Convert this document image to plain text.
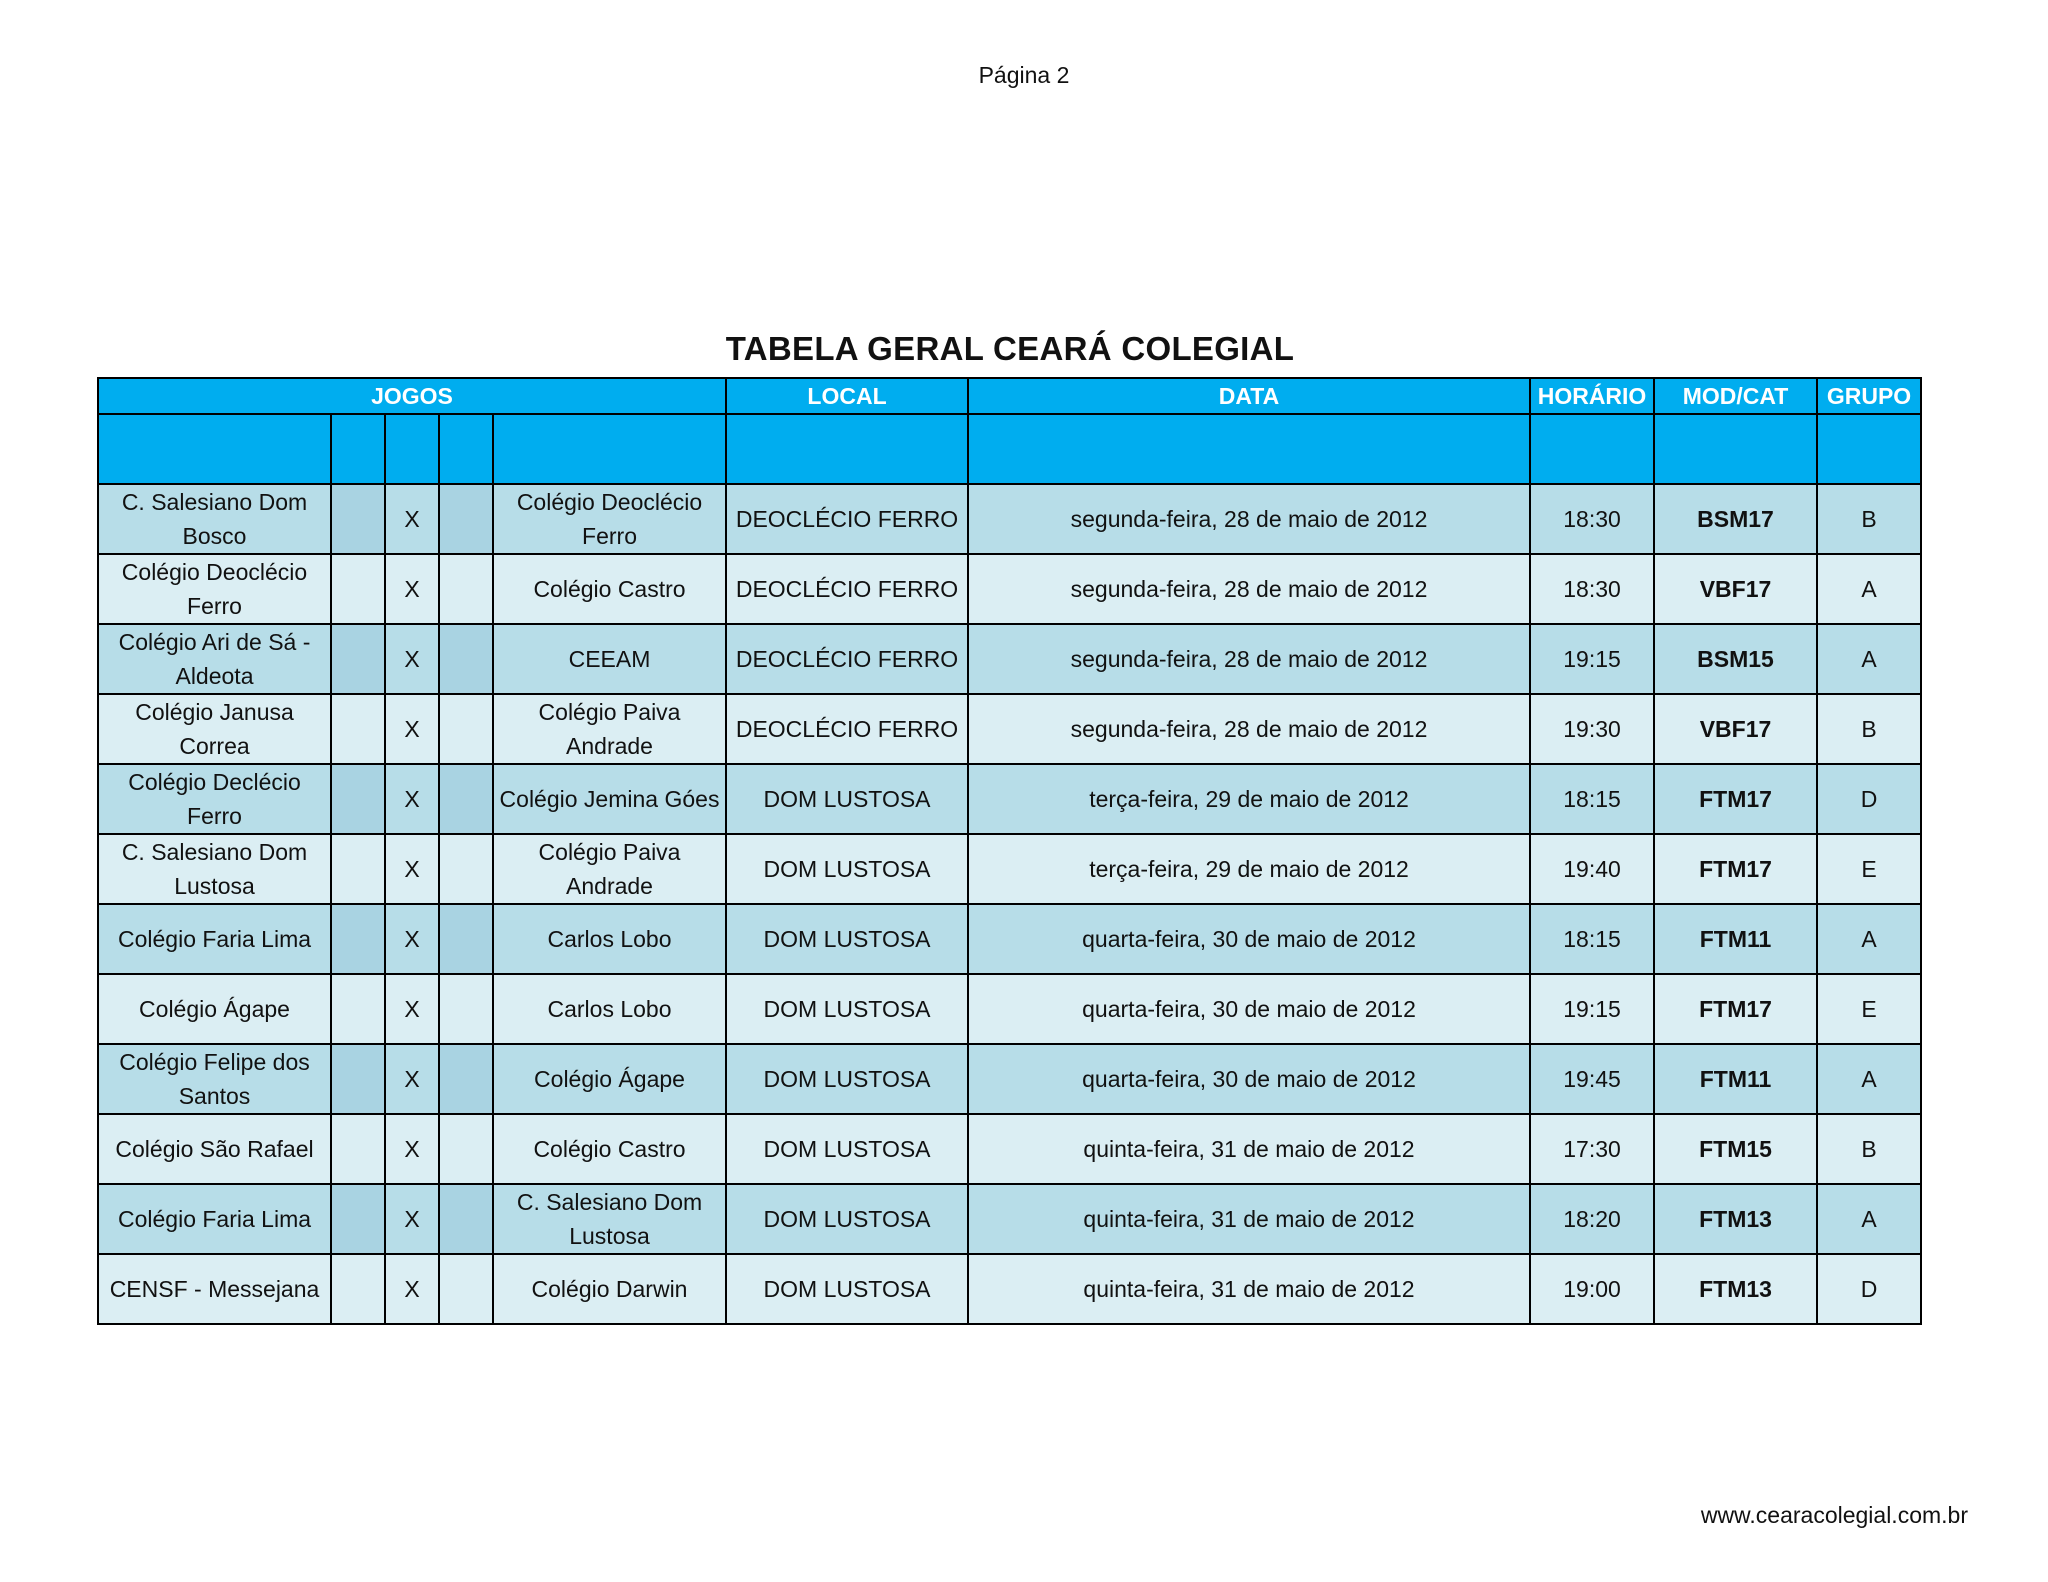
Página 2
TABELA GERAL CEARÁ COLEGIAL
JOGOS					LOCAL	DATA	HORÁRIO	MOD/CAT	GRUPO

C. Salesiano Dom Bosco		X		Colégio Deoclécio Ferro	DEOCLÉCIO FERRO	segunda-feira, 28 de maio de 2012	18:30	BSM17	B
Colégio Deoclécio Ferro		X		Colégio Castro	DEOCLÉCIO FERRO	segunda-feira, 28 de maio de 2012	18:30	VBF17	A
Colégio Ari de Sá - Aldeota		X		CEEAM	DEOCLÉCIO FERRO	segunda-feira, 28 de maio de 2012	19:15	BSM15	A
Colégio Janusa Correa		X		Colégio Paiva Andrade	DEOCLÉCIO FERRO	segunda-feira, 28 de maio de 2012	19:30	VBF17	B
Colégio Declécio Ferro		X		Colégio Jemina Góes	DOM LUSTOSA	terça-feira, 29 de maio de 2012	18:15	FTM17	D
C. Salesiano Dom Lustosa		X		Colégio Paiva Andrade	DOM LUSTOSA	terça-feira, 29 de maio de 2012	19:40	FTM17	E
Colégio Faria Lima		X		Carlos Lobo	DOM LUSTOSA	quarta-feira, 30 de maio de 2012	18:15	FTM11	A
Colégio Ágape		X		Carlos Lobo	DOM LUSTOSA	quarta-feira, 30 de maio de 2012	19:15	FTM17	E
Colégio Felipe dos Santos		X		Colégio Ágape	DOM LUSTOSA	quarta-feira, 30 de maio de 2012	19:45	FTM11	A
Colégio São Rafael		X		Colégio Castro	DOM LUSTOSA	quinta-feira, 31 de maio de 2012	17:30	FTM15	B
Colégio Faria Lima		X		C. Salesiano Dom Lustosa	DOM LUSTOSA	quinta-feira, 31 de maio de 2012	18:20	FTM13	A
CENSF - Messejana		X		Colégio Darwin	DOM LUSTOSA	quinta-feira, 31 de maio de 2012	19:00	FTM13	D
www.cearacolegial.com.br
